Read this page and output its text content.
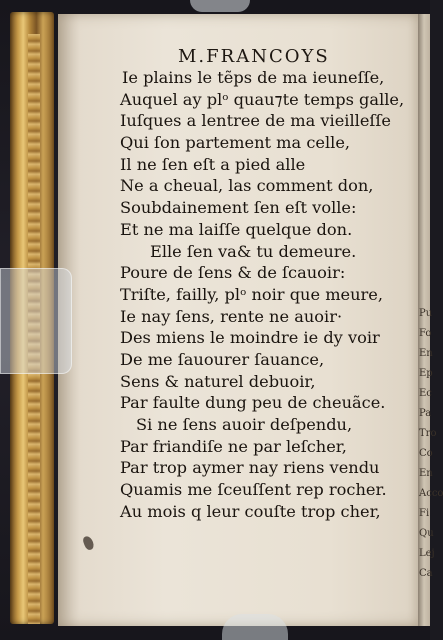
Pu
Fo
En
Ep
Ec
Pa
Tro
Co
En
Acco
Fi
Qu
Lej
Ca
M.FRANCOYS
Ie plains le tẽps de ma ieuneſſe,
Auquel ay plᵒ quau⁊te temps galle,
Iuſques a lentree de ma vieilleſſe
Qui ſon partement ma celle,
Il ne ſen eſt a pied alle
Ne a cheual, las comment don,
Soubdainement ſen eſt volle:
Et ne ma laiſſe quelque don.
Elle ſen va& tu demeure.
Poure de ſens & de ſcauoir:
Triſte, failly, plᵒ noir que meure,
Ie nay ſens, rente ne auoir·
Des miens le moindre ie dy voir
De me ſauourer ſauance,
Sens & naturel debuoir,
Par faulte dung peu de cheuãce.
Si ne ſens auoir deſpendu,
Par friandiſe ne par leſcher,
Par trop aymer nay riens vendu
Quamis me ſceuſſent rep rocher.
Au mois q leur couſte trop cher,
